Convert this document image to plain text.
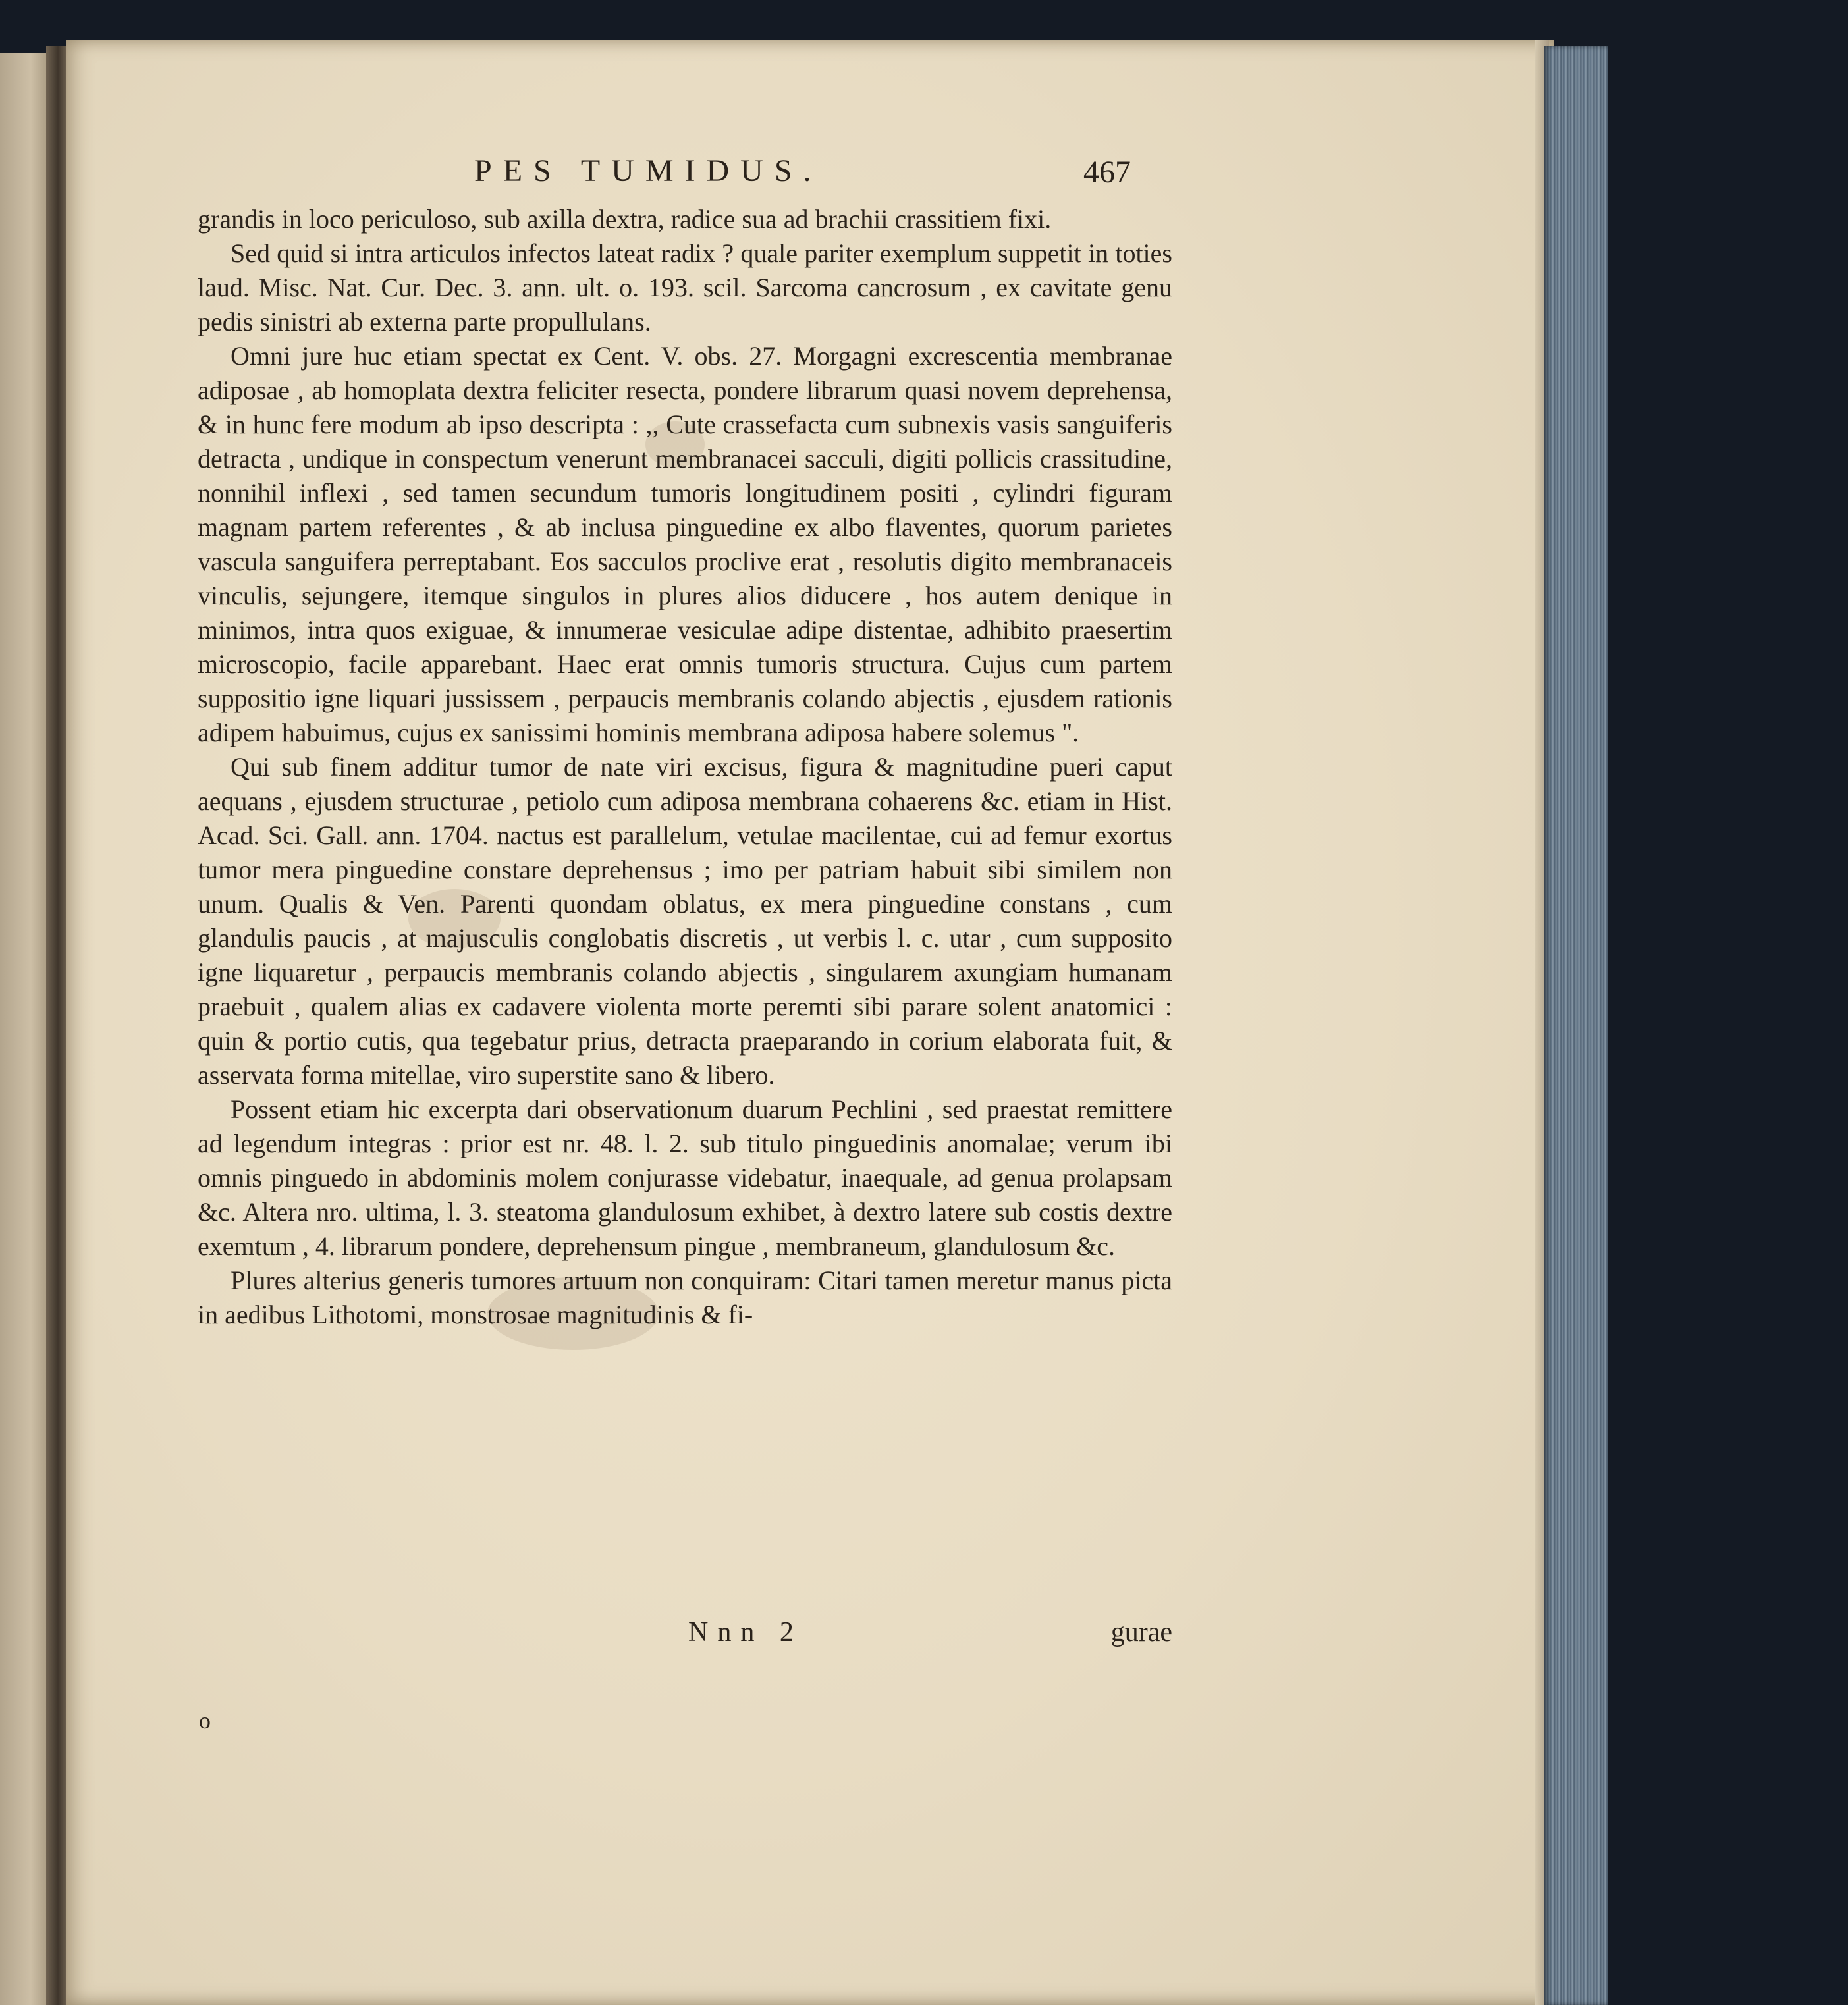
PES TUMIDUS.	467

grandis in loco periculoso, sub axilla dextra, radice sua ad brachii crassitiem fixi.

Sed quid si intra articulos infectos lateat radix ? quale pariter exemplum suppetit in toties laud. Misc. Nat. Cur. Dec. 3. ann. ult. o. 193. scil. Sarcoma cancrosum , ex cavitate genu pedis sinistri ab externa parte propullulans.

Omni jure huc etiam spectat ex Cent. V. obs. 27. Morgagni excrescentia membranae adiposae , ab homoplata dextra feliciter resecta, pondere librarum quasi novem deprehensa, & in hunc fere modum ab ipso descripta : ,, Cute crassefacta cum subnexis vasis sanguiferis detracta , undique in conspectum venerunt membranacei sacculi, digiti pollicis crassitudine, nonnihil inflexi , sed tamen secundum tumoris longitudinem positi , cylindri figuram magnam partem referentes , & ab inclusa pinguedine ex albo flaventes, quorum parietes vascula sanguifera perreptabant. Eos sacculos proclive erat , resolutis digito membranaceis vinculis, sejungere, itemque singulos in plures alios diducere , hos autem denique in minimos, intra quos exiguae, & innumerae vesiculae adipe distentae, adhibito praesertim microscopio, facile apparebant. Haec erat omnis tumoris structura. Cujus cum partem suppositio igne liquari jussissem , perpaucis membranis colando abjectis , ejusdem rationis adipem habuimus, cujus ex sanissimi hominis membrana adiposa habere solemus ".

Qui sub finem additur tumor de nate viri excisus, figura & magnitudine pueri caput aequans , ejusdem structurae , petiolo cum adiposa membrana cohaerens &c. etiam in Hist. Acad. Sci. Gall. ann. 1704. nactus est parallelum, vetulae macilentae, cui ad femur exortus tumor mera pinguedine constare deprehensus ; imo per patriam habuit sibi similem non unum. Qualis & Ven. Parenti quondam oblatus, ex mera pinguedine constans , cum glandulis paucis , at majusculis conglobatis discretis , ut verbis l. c. utar , cum supposito igne liquaretur , perpaucis membranis colando abjectis , singularem axungiam humanam praebuit , qualem alias ex cadavere violenta morte peremti sibi parare solent anatomici : quin & portio cutis, qua tegebatur prius, detracta praeparando in corium elaborata fuit, & asservata forma mitellae, viro superstite sano & libero.

Possent etiam hic excerpta dari observationum duarum Pechlini , sed praestat remittere ad legendum integras : prior est nr. 48. l. 2. sub titulo pinguedinis anomalae; verum ibi omnis pinguedo in abdominis molem conjurasse videbatur, inaequale, ad genua prolapsam &c. Altera nro. ultima, l. 3. steatoma glandulosum exhibet, à dextro latere sub costis dextre exemtum , 4. librarum pondere, deprehensum pingue , membraneum, glandulosum &c.

Plures alterius generis tumores artuum non conquiram: Citari tamen meretur manus picta in aedibus Lithotomi, monstrosae magnitudinis & fi-

Nnn 2	gurae
o
